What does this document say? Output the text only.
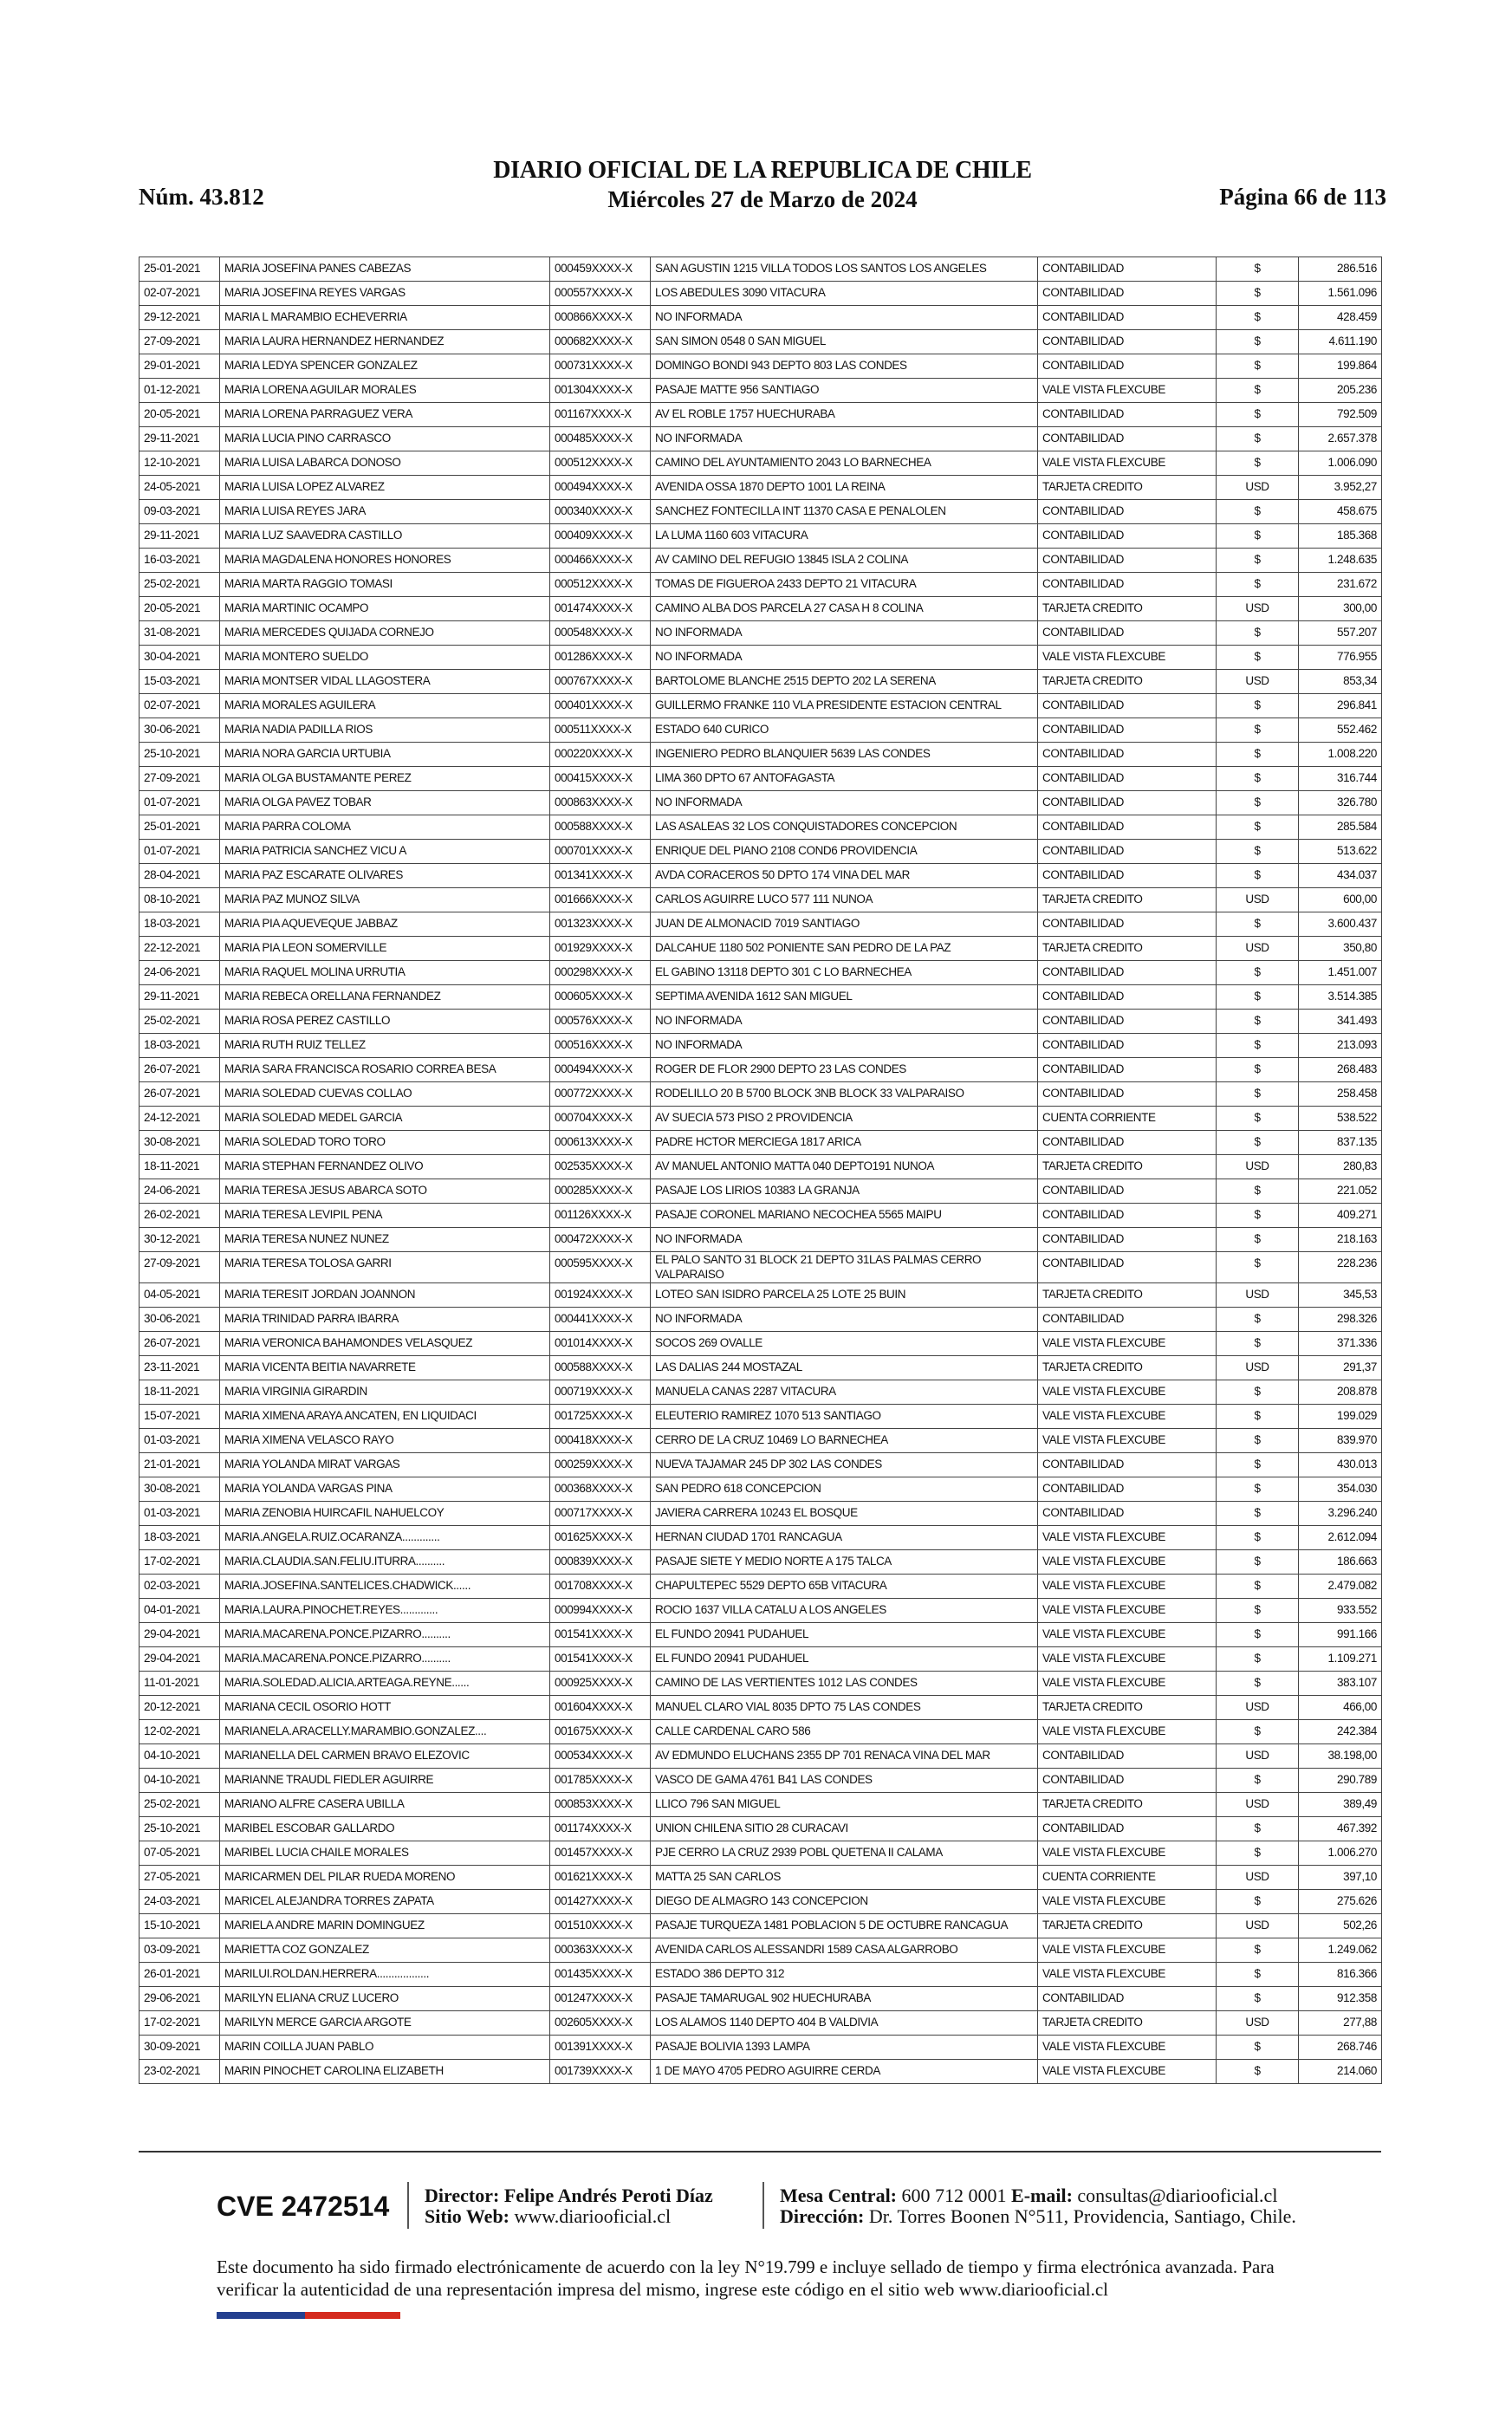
Núm. 43.812
DIARIO OFICIAL DE LA REPUBLICA DE CHILE
Miércoles 27 de Marzo de 2024	Página 66 de 113
25-01-2021	MARIA JOSEFINA PANES CABEZAS	000459XXXX-X	SAN AGUSTIN 1215 VILLA TODOS LOS SANTOS LOS ANGELES	CONTABILIDAD	$	286.516
02-07-2021	MARIA JOSEFINA REYES VARGAS	000557XXXX-X	LOS ABEDULES 3090 VITACURA	CONTABILIDAD	$	1.561.096
29-12-2021	MARIA L MARAMBIO ECHEVERRIA	000866XXXX-X	NO INFORMADA	CONTABILIDAD	$	428.459
27-09-2021	MARIA LAURA HERNANDEZ HERNANDEZ	000682XXXX-X	SAN SIMON 0548 0 SAN MIGUEL	CONTABILIDAD	$	4.611.190
29-01-2021	MARIA LEDYA SPENCER GONZALEZ	000731XXXX-X	DOMINGO BONDI 943 DEPTO 803 LAS CONDES	CONTABILIDAD	$	199.864
01-12-2021	MARIA LORENA AGUILAR MORALES	001304XXXX-X	PASAJE MATTE 956 SANTIAGO	VALE VISTA FLEXCUBE	$	205.236
20-05-2021	MARIA LORENA PARRAGUEZ VERA	001167XXXX-X	AV EL ROBLE 1757 HUECHURABA	CONTABILIDAD	$	792.509
29-11-2021	MARIA LUCIA PINO CARRASCO	000485XXXX-X	NO INFORMADA	CONTABILIDAD	$	2.657.378
12-10-2021	MARIA LUISA LABARCA DONOSO	000512XXXX-X	CAMINO DEL AYUNTAMIENTO 2043 LO BARNECHEA	VALE VISTA FLEXCUBE	$	1.006.090
24-05-2021	MARIA LUISA LOPEZ ALVAREZ	000494XXXX-X	AVENIDA OSSA 1870 DEPTO 1001 LA REINA	TARJETA CREDITO	USD	3.952,27
09-03-2021	MARIA LUISA REYES JARA	000340XXXX-X	SANCHEZ FONTECILLA INT 11370 CASA E PENALOLEN	CONTABILIDAD	$	458.675
29-11-2021	MARIA LUZ SAAVEDRA CASTILLO	000409XXXX-X	LA LUMA 1160 603 VITACURA	CONTABILIDAD	$	185.368
16-03-2021	MARIA MAGDALENA HONORES HONORES	000466XXXX-X	AV CAMINO DEL REFUGIO 13845 ISLA 2 COLINA	CONTABILIDAD	$	1.248.635
25-02-2021	MARIA MARTA RAGGIO TOMASI	000512XXXX-X	TOMAS DE FIGUEROA 2433 DEPTO 21 VITACURA	CONTABILIDAD	$	231.672
20-05-2021	MARIA MARTINIC OCAMPO	001474XXXX-X	CAMINO ALBA DOS PARCELA 27 CASA H 8 COLINA	TARJETA CREDITO	USD	300,00
31-08-2021	MARIA MERCEDES QUIJADA CORNEJO	000548XXXX-X	NO INFORMADA	CONTABILIDAD	$	557.207
30-04-2021	MARIA MONTERO SUELDO	001286XXXX-X	NO INFORMADA	VALE VISTA FLEXCUBE	$	776.955
15-03-2021	MARIA MONTSER VIDAL LLAGOSTERA	000767XXXX-X	BARTOLOME BLANCHE 2515 DEPTO 202 LA SERENA	TARJETA CREDITO	USD	853,34
02-07-2021	MARIA MORALES AGUILERA	000401XXXX-X	GUILLERMO FRANKE 110 VLA PRESIDENTE ESTACION CENTRAL	CONTABILIDAD	$	296.841
30-06-2021	MARIA NADIA PADILLA RIOS	000511XXXX-X	ESTADO 640 CURICO	CONTABILIDAD	$	552.462
25-10-2021	MARIA NORA GARCIA URTUBIA	000220XXXX-X	INGENIERO PEDRO BLANQUIER 5639 LAS CONDES	CONTABILIDAD	$	1.008.220
27-09-2021	MARIA OLGA BUSTAMANTE PEREZ	000415XXXX-X	LIMA 360 DPTO 67 ANTOFAGASTA	CONTABILIDAD	$	316.744
01-07-2021	MARIA OLGA PAVEZ TOBAR	000863XXXX-X	NO INFORMADA	CONTABILIDAD	$	326.780
25-01-2021	MARIA PARRA COLOMA	000588XXXX-X	LAS ASALEAS 32 LOS CONQUISTADORES CONCEPCION	CONTABILIDAD	$	285.584
01-07-2021	MARIA PATRICIA SANCHEZ VICU A	000701XXXX-X	ENRIQUE DEL PIANO 2108 COND6 PROVIDENCIA	CONTABILIDAD	$	513.622
28-04-2021	MARIA PAZ ESCARATE OLIVARES	001341XXXX-X	AVDA CORACEROS 50 DPTO 174 VINA DEL MAR	CONTABILIDAD	$	434.037
08-10-2021	MARIA PAZ MUNOZ SILVA	001666XXXX-X	CARLOS AGUIRRE LUCO 577 111 NUNOA	TARJETA CREDITO	USD	600,00
18-03-2021	MARIA PIA AQUEVEQUE JABBAZ	001323XXXX-X	JUAN DE ALMONACID 7019 SANTIAGO	CONTABILIDAD	$	3.600.437
22-12-2021	MARIA PIA LEON SOMERVILLE	001929XXXX-X	DALCAHUE 1180 502 PONIENTE SAN PEDRO DE LA PAZ	TARJETA CREDITO	USD	350,80
24-06-2021	MARIA RAQUEL MOLINA URRUTIA	000298XXXX-X	EL GABINO 13118 DEPTO 301 C LO BARNECHEA	CONTABILIDAD	$	1.451.007
29-11-2021	MARIA REBECA ORELLANA FERNANDEZ	000605XXXX-X	SEPTIMA AVENIDA 1612 SAN MIGUEL	CONTABILIDAD	$	3.514.385
25-02-2021	MARIA ROSA PEREZ CASTILLO	000576XXXX-X	NO INFORMADA	CONTABILIDAD	$	341.493
18-03-2021	MARIA RUTH RUIZ TELLEZ	000516XXXX-X	NO INFORMADA	CONTABILIDAD	$	213.093
26-07-2021	MARIA SARA FRANCISCA ROSARIO CORREA BESA	000494XXXX-X	ROGER DE FLOR 2900 DEPTO 23 LAS CONDES	CONTABILIDAD	$	268.483
26-07-2021	MARIA SOLEDAD CUEVAS COLLAO	000772XXXX-X	RODELILLO 20 B 5700 BLOCK 3NB BLOCK 33 VALPARAISO	CONTABILIDAD	$	258.458
24-12-2021	MARIA SOLEDAD MEDEL GARCIA	000704XXXX-X	AV SUECIA 573 PISO 2 PROVIDENCIA	CUENTA CORRIENTE	$	538.522
30-08-2021	MARIA SOLEDAD TORO TORO	000613XXXX-X	PADRE HCTOR MERCIEGA 1817 ARICA	CONTABILIDAD	$	837.135
18-11-2021	MARIA STEPHAN FERNANDEZ OLIVO	002535XXXX-X	AV MANUEL ANTONIO MATTA 040 DEPTO191 NUNOA	TARJETA CREDITO	USD	280,83
24-06-2021	MARIA TERESA JESUS ABARCA SOTO	000285XXXX-X	PASAJE LOS LIRIOS 10383 LA GRANJA	CONTABILIDAD	$	221.052
26-02-2021	MARIA TERESA LEVIPIL PENA	001126XXXX-X	PASAJE CORONEL MARIANO NECOCHEA 5565 MAIPU	CONTABILIDAD	$	409.271
30-12-2021	MARIA TERESA NUNEZ NUNEZ	000472XXXX-X	NO INFORMADA	CONTABILIDAD	$	218.163
27-09-2021	MARIA TERESA TOLOSA GARRI	000595XXXX-X	EL PALO SANTO 31 BLOCK 21 DEPTO 31LAS PALMAS CERRO VALPARAISO	CONTABILIDAD	$	228.236
04-05-2021	MARIA TERESIT JORDAN JOANNON	001924XXXX-X	LOTEO SAN ISIDRO PARCELA 25 LOTE 25 BUIN	TARJETA CREDITO	USD	345,53
30-06-2021	MARIA TRINIDAD PARRA IBARRA	000441XXXX-X	NO INFORMADA	CONTABILIDAD	$	298.326
26-07-2021	MARIA VERONICA BAHAMONDES VELASQUEZ	001014XXXX-X	SOCOS 269 OVALLE	VALE VISTA FLEXCUBE	$	371.336
23-11-2021	MARIA VICENTA BEITIA NAVARRETE	000588XXXX-X	LAS DALIAS 244 MOSTAZAL	TARJETA CREDITO	USD	291,37
18-11-2021	MARIA VIRGINIA GIRARDIN	000719XXXX-X	MANUELA CANAS 2287 VITACURA	VALE VISTA FLEXCUBE	$	208.878
15-07-2021	MARIA XIMENA ARAYA ANCATEN, EN LIQUIDACI	001725XXXX-X	ELEUTERIO RAMIREZ 1070 513 SANTIAGO	VALE VISTA FLEXCUBE	$	199.029
01-03-2021	MARIA XIMENA VELASCO RAYO	000418XXXX-X	CERRO DE LA CRUZ 10469 LO BARNECHEA	VALE VISTA FLEXCUBE	$	839.970
21-01-2021	MARIA YOLANDA MIRAT VARGAS	000259XXXX-X	NUEVA TAJAMAR 245 DP 302 LAS CONDES	CONTABILIDAD	$	430.013
30-08-2021	MARIA YOLANDA VARGAS PINA	000368XXXX-X	SAN PEDRO 618 CONCEPCION	CONTABILIDAD	$	354.030
01-03-2021	MARIA ZENOBIA HUIRCAFIL NAHUELCOY	000717XXXX-X	JAVIERA CARRERA 10243 EL BOSQUE	CONTABILIDAD	$	3.296.240
18-03-2021	MARIA.ANGELA.RUIZ.OCARANZA.............	001625XXXX-X	HERNAN CIUDAD 1701 RANCAGUA	VALE VISTA FLEXCUBE	$	2.612.094
17-02-2021	MARIA.CLAUDIA.SAN.FELIU.ITURRA..........	000839XXXX-X	PASAJE SIETE Y MEDIO NORTE A 175 TALCA	VALE VISTA FLEXCUBE	$	186.663
02-03-2021	MARIA.JOSEFINA.SANTELICES.CHADWICK......	001708XXXX-X	CHAPULTEPEC 5529 DEPTO 65B VITACURA	VALE VISTA FLEXCUBE	$	2.479.082
04-01-2021	MARIA.LAURA.PINOCHET.REYES.............	000994XXXX-X	ROCIO 1637 VILLA CATALU A LOS ANGELES	VALE VISTA FLEXCUBE	$	933.552
29-04-2021	MARIA.MACARENA.PONCE.PIZARRO..........	001541XXXX-X	EL FUNDO 20941 PUDAHUEL	VALE VISTA FLEXCUBE	$	991.166
29-04-2021	MARIA.MACARENA.PONCE.PIZARRO..........	001541XXXX-X	EL FUNDO 20941 PUDAHUEL	VALE VISTA FLEXCUBE	$	1.109.271
11-01-2021	MARIA.SOLEDAD.ALICIA.ARTEAGA.REYNE......	000925XXXX-X	CAMINO DE LAS VERTIENTES 1012 LAS CONDES	VALE VISTA FLEXCUBE	$	383.107
20-12-2021	MARIANA CECIL OSORIO HOTT	001604XXXX-X	MANUEL CLARO VIAL 8035 DPTO 75 LAS CONDES	TARJETA CREDITO	USD	466,00
12-02-2021	MARIANELA.ARACELLY.MARAMBIO.GONZALEZ....	001675XXXX-X	CALLE CARDENAL CARO 586	VALE VISTA FLEXCUBE	$	242.384
04-10-2021	MARIANELLA DEL CARMEN BRAVO ELEZOVIC	000534XXXX-X	AV EDMUNDO ELUCHANS 2355 DP 701 RENACA VINA DEL MAR	CONTABILIDAD	USD	38.198,00
04-10-2021	MARIANNE TRAUDL FIEDLER AGUIRRE	001785XXXX-X	VASCO DE GAMA 4761 B41 LAS CONDES	CONTABILIDAD	$	290.789
25-02-2021	MARIANO ALFRE CASERA UBILLA	000853XXXX-X	LLICO 796 SAN MIGUEL	TARJETA CREDITO	USD	389,49
25-10-2021	MARIBEL ESCOBAR GALLARDO	001174XXXX-X	UNION CHILENA SITIO 28 CURACAVI	CONTABILIDAD	$	467.392
07-05-2021	MARIBEL LUCIA CHAILE MORALES	001457XXXX-X	PJE CERRO LA CRUZ 2939 POBL QUETENA II CALAMA	VALE VISTA FLEXCUBE	$	1.006.270
27-05-2021	MARICARMEN DEL PILAR RUEDA MORENO	001621XXXX-X	MATTA 25 SAN CARLOS	CUENTA CORRIENTE	USD	397,10
24-03-2021	MARICEL ALEJANDRA TORRES ZAPATA	001427XXXX-X	DIEGO DE ALMAGRO 143 CONCEPCION	VALE VISTA FLEXCUBE	$	275.626
15-10-2021	MARIELA ANDRE MARIN DOMINGUEZ	001510XXXX-X	PASAJE TURQUEZA 1481 POBLACION 5 DE OCTUBRE RANCAGUA	TARJETA CREDITO	USD	502,26
03-09-2021	MARIETTA COZ GONZALEZ	000363XXXX-X	AVENIDA CARLOS ALESSANDRI 1589 CASA ALGARROBO	VALE VISTA FLEXCUBE	$	1.249.062
26-01-2021	MARILUI.ROLDAN.HERRERA..................	001435XXXX-X	ESTADO 386 DEPTO 312	VALE VISTA FLEXCUBE	$	816.366
29-06-2021	MARILYN ELIANA CRUZ LUCERO	001247XXXX-X	PASAJE TAMARUGAL 902 HUECHURABA	CONTABILIDAD	$	912.358
17-02-2021	MARILYN MERCE GARCIA ARGOTE	002605XXXX-X	LOS ALAMOS 1140 DEPTO 404 B VALDIVIA	TARJETA CREDITO	USD	277,88
30-09-2021	MARIN COILLA JUAN PABLO	001391XXXX-X	PASAJE BOLIVIA 1393 LAMPA	VALE VISTA FLEXCUBE	$	268.746
23-02-2021	MARIN PINOCHET CAROLINA ELIZABETH	001739XXXX-X	1 DE MAYO 4705 PEDRO AGUIRRE CERDA	VALE VISTA FLEXCUBE	$	214.060
CVE 2472514 Director: Felipe Andrés Peroti Díaz
Sitio Web: www.diariooficial.cl
Mesa Central: 600 712 0001 E-mail: consultas@diariooficial.cl
Dirección: Dr. Torres Boonen N°511, Providencia, Santiago, Chile.
Este documento ha sido firmado electrónicamente de acuerdo con la ley N°19.799 e incluye sellado de tiempo y firma electrónica avanzada. Para verificar la autenticidad de una representación impresa del mismo, ingrese este código en el sitio web www.diariooficial.cl
